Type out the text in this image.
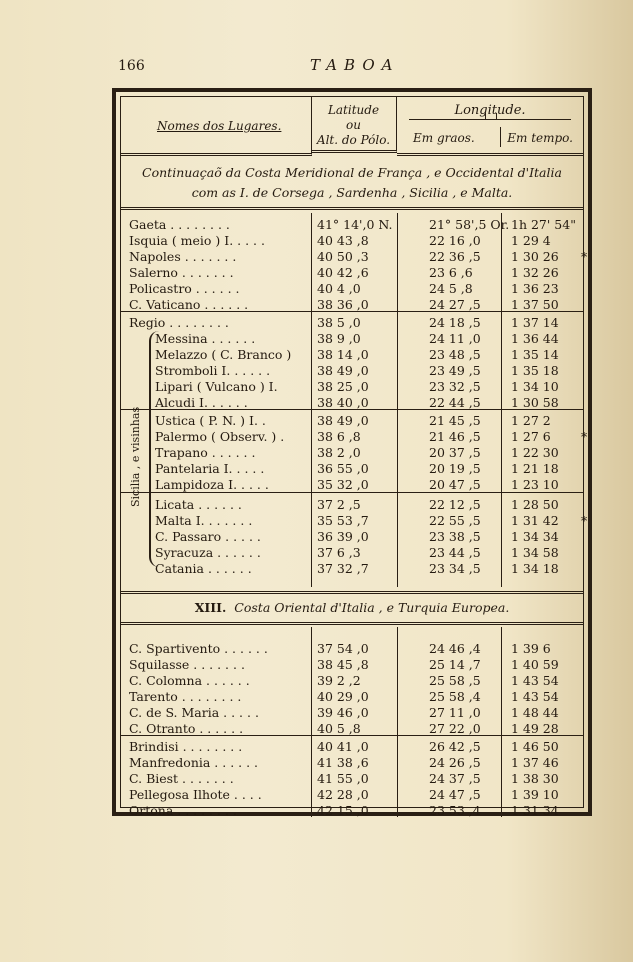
166	TABOA
Nomes dos Lugares.
Latitude
ou
Alt. do Pólo.
Longitude.
Em graos.	Em tempo.
Continuaçaõ da Costa Meridional de França , e Occidental d'Italia
com as I. de Corsega , Sardenha , Sicilia , e Malta.
Gaeta . . . . . . . .	41° 14',0 N.	21° 58',5 Or. 1h 27' 54"
Isquia ( meio ) I. . . . .	40 43 ,8	22 16 ,0 1 29 4
Napoles . . . . . . .	40 50 ,3	22 36 ,5 1 30 26 *
Salerno . . . . . . .	40 42 ,6	23 6 ,6	1 32 26
Policastro . . . . . .	40 4 ,0	24 5 ,8	1 36 23
C. Vaticano . . . . . .	38 36 ,0	24 27 ,5 1 37 50
Regio . . . . . . . .	38 5 ,0	24 18 ,5 1 37 14
Messina . . . . . .	38 9 ,0	24 11 ,0 1 36 44
Melazzo ( C. Branco ) 38 14 ,0	23 48 ,5 1 35 14
Stromboli I. . . . . .	38 49 ,0	23 49 ,5 1 35 18
Lipari ( Vulcano ) I.	38 25 ,0	23 32 ,5 1 34 10
Alcudi I. . . . . .	38 40 ,0	22 44 ,5 1 30 58
Ustica ( P. N. ) I. .	38 49 ,0	21 45 ,5 1 27 2
Palermo ( Observ. ) .	38 6 ,8	21 46 ,5 1 27 6 *
Trapano . . . . . .	38 2 ,0	20 37 ,5 1 22 30
Pantelaria I. . . . .	36 55 ,0	20 19 ,5 1 21 18
Lampidoza I. . . . .	35 32 ,0	20 47 ,5 1 23 10
Licata . . . . . .	37 2 ,5	22 12 ,5 1 28 50
Malta I. . . . . . .	35 53 ,7	22 55 ,5 1 31 42 *
C. Passaro . . . . .	36 39 ,0	23 38 ,5 1 34 34
Syracuza . . . . . .	37 6 ,3	23 44 ,5 1 34 58
Catania . . . . . .	37 32 ,7	23 34 ,5 1 34 18
Sicilia , e visinhas
XIII. Costa Oriental d'Italia , e Turquia Europea.
C. Spartivento . . . . . .	37 54 ,0	24 46 ,4 1 39 6
Squilasse . . . . . . .	38 45 ,8	25 14 ,7 1 40 59
C. Colomna . . . . . .	39 2 ,2	25 58 ,5 1 43 54
Tarento . . . . . . . .	40 29 ,0	25 58 ,4 1 43 54
C. de S. Maria . . . . .	39 46 ,0	27 11 ,0 1 48 44
C. Otranto . . . . . .	40 5 ,8	27 22 ,0 1 49 28
Brindisi . . . . . . . .	40 41 ,0	26 42 ,5 1 46 50
Manfredonia . . . . . .	41 38 ,6	24 26 ,5 1 37 46
C. Biest . . . . . . .	41 55 ,0	24 37 ,5 1 38 30
Pellegosa Ilhote . . . .	42 28 ,0	24 47 ,5 1 39 10
Ortona . . . . . . . .	42 15 ,0	23 53 ,4 1 31 34
